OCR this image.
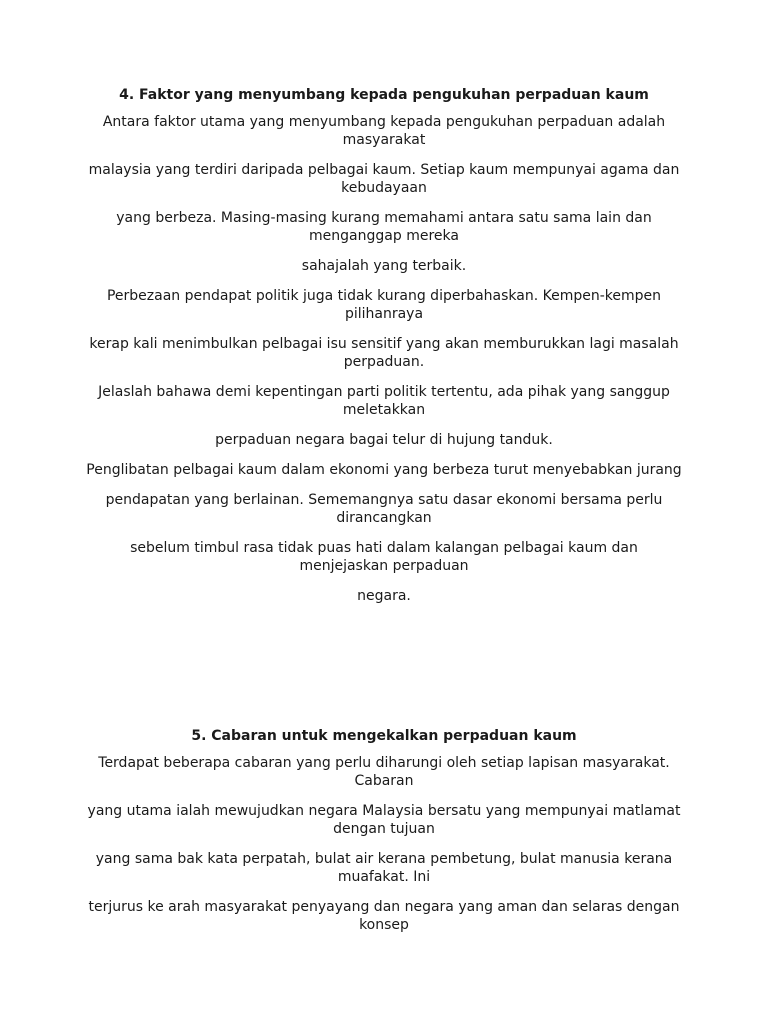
4. Faktor yang menyumbang kepada pengukuhan perpaduan kaum
Antara faktor utama yang menyumbang kepada pengukuhan perpaduan adalah masyarakat
malaysia yang terdiri daripada pelbagai kaum. Setiap kaum mempunyai agama dan kebudayaan
yang berbeza. Masing-masing kurang memahami antara satu sama lain dan menganggap mereka
sahajalah yang terbaik.
Perbezaan pendapat politik juga tidak kurang diperbahaskan. Kempen-kempen pilihanraya
kerap kali menimbulkan pelbagai isu sensitif yang akan memburukkan lagi masalah perpaduan.
Jelaslah bahawa demi kepentingan parti politik tertentu, ada pihak yang sanggup meletakkan
perpaduan negara bagai telur di hujung tanduk.
Penglibatan pelbagai kaum dalam ekonomi yang berbeza turut menyebabkan jurang
pendapatan yang berlainan. Sememangnya satu dasar ekonomi bersama perlu dirancangkan
sebelum timbul rasa tidak puas hati dalam kalangan pelbagai kaum dan menjejaskan perpaduan
negara.
5. Cabaran untuk mengekalkan perpaduan kaum
Terdapat beberapa cabaran yang perlu diharungi oleh setiap lapisan masyarakat. Cabaran
yang utama ialah mewujudkan negara Malaysia bersatu yang mempunyai matlamat dengan tujuan
yang sama bak kata perpatah, bulat air kerana pembetung, bulat manusia kerana muafakat. Ini
terjurus ke arah masyarakat penyayang dan negara yang aman dan selaras dengan konsep
